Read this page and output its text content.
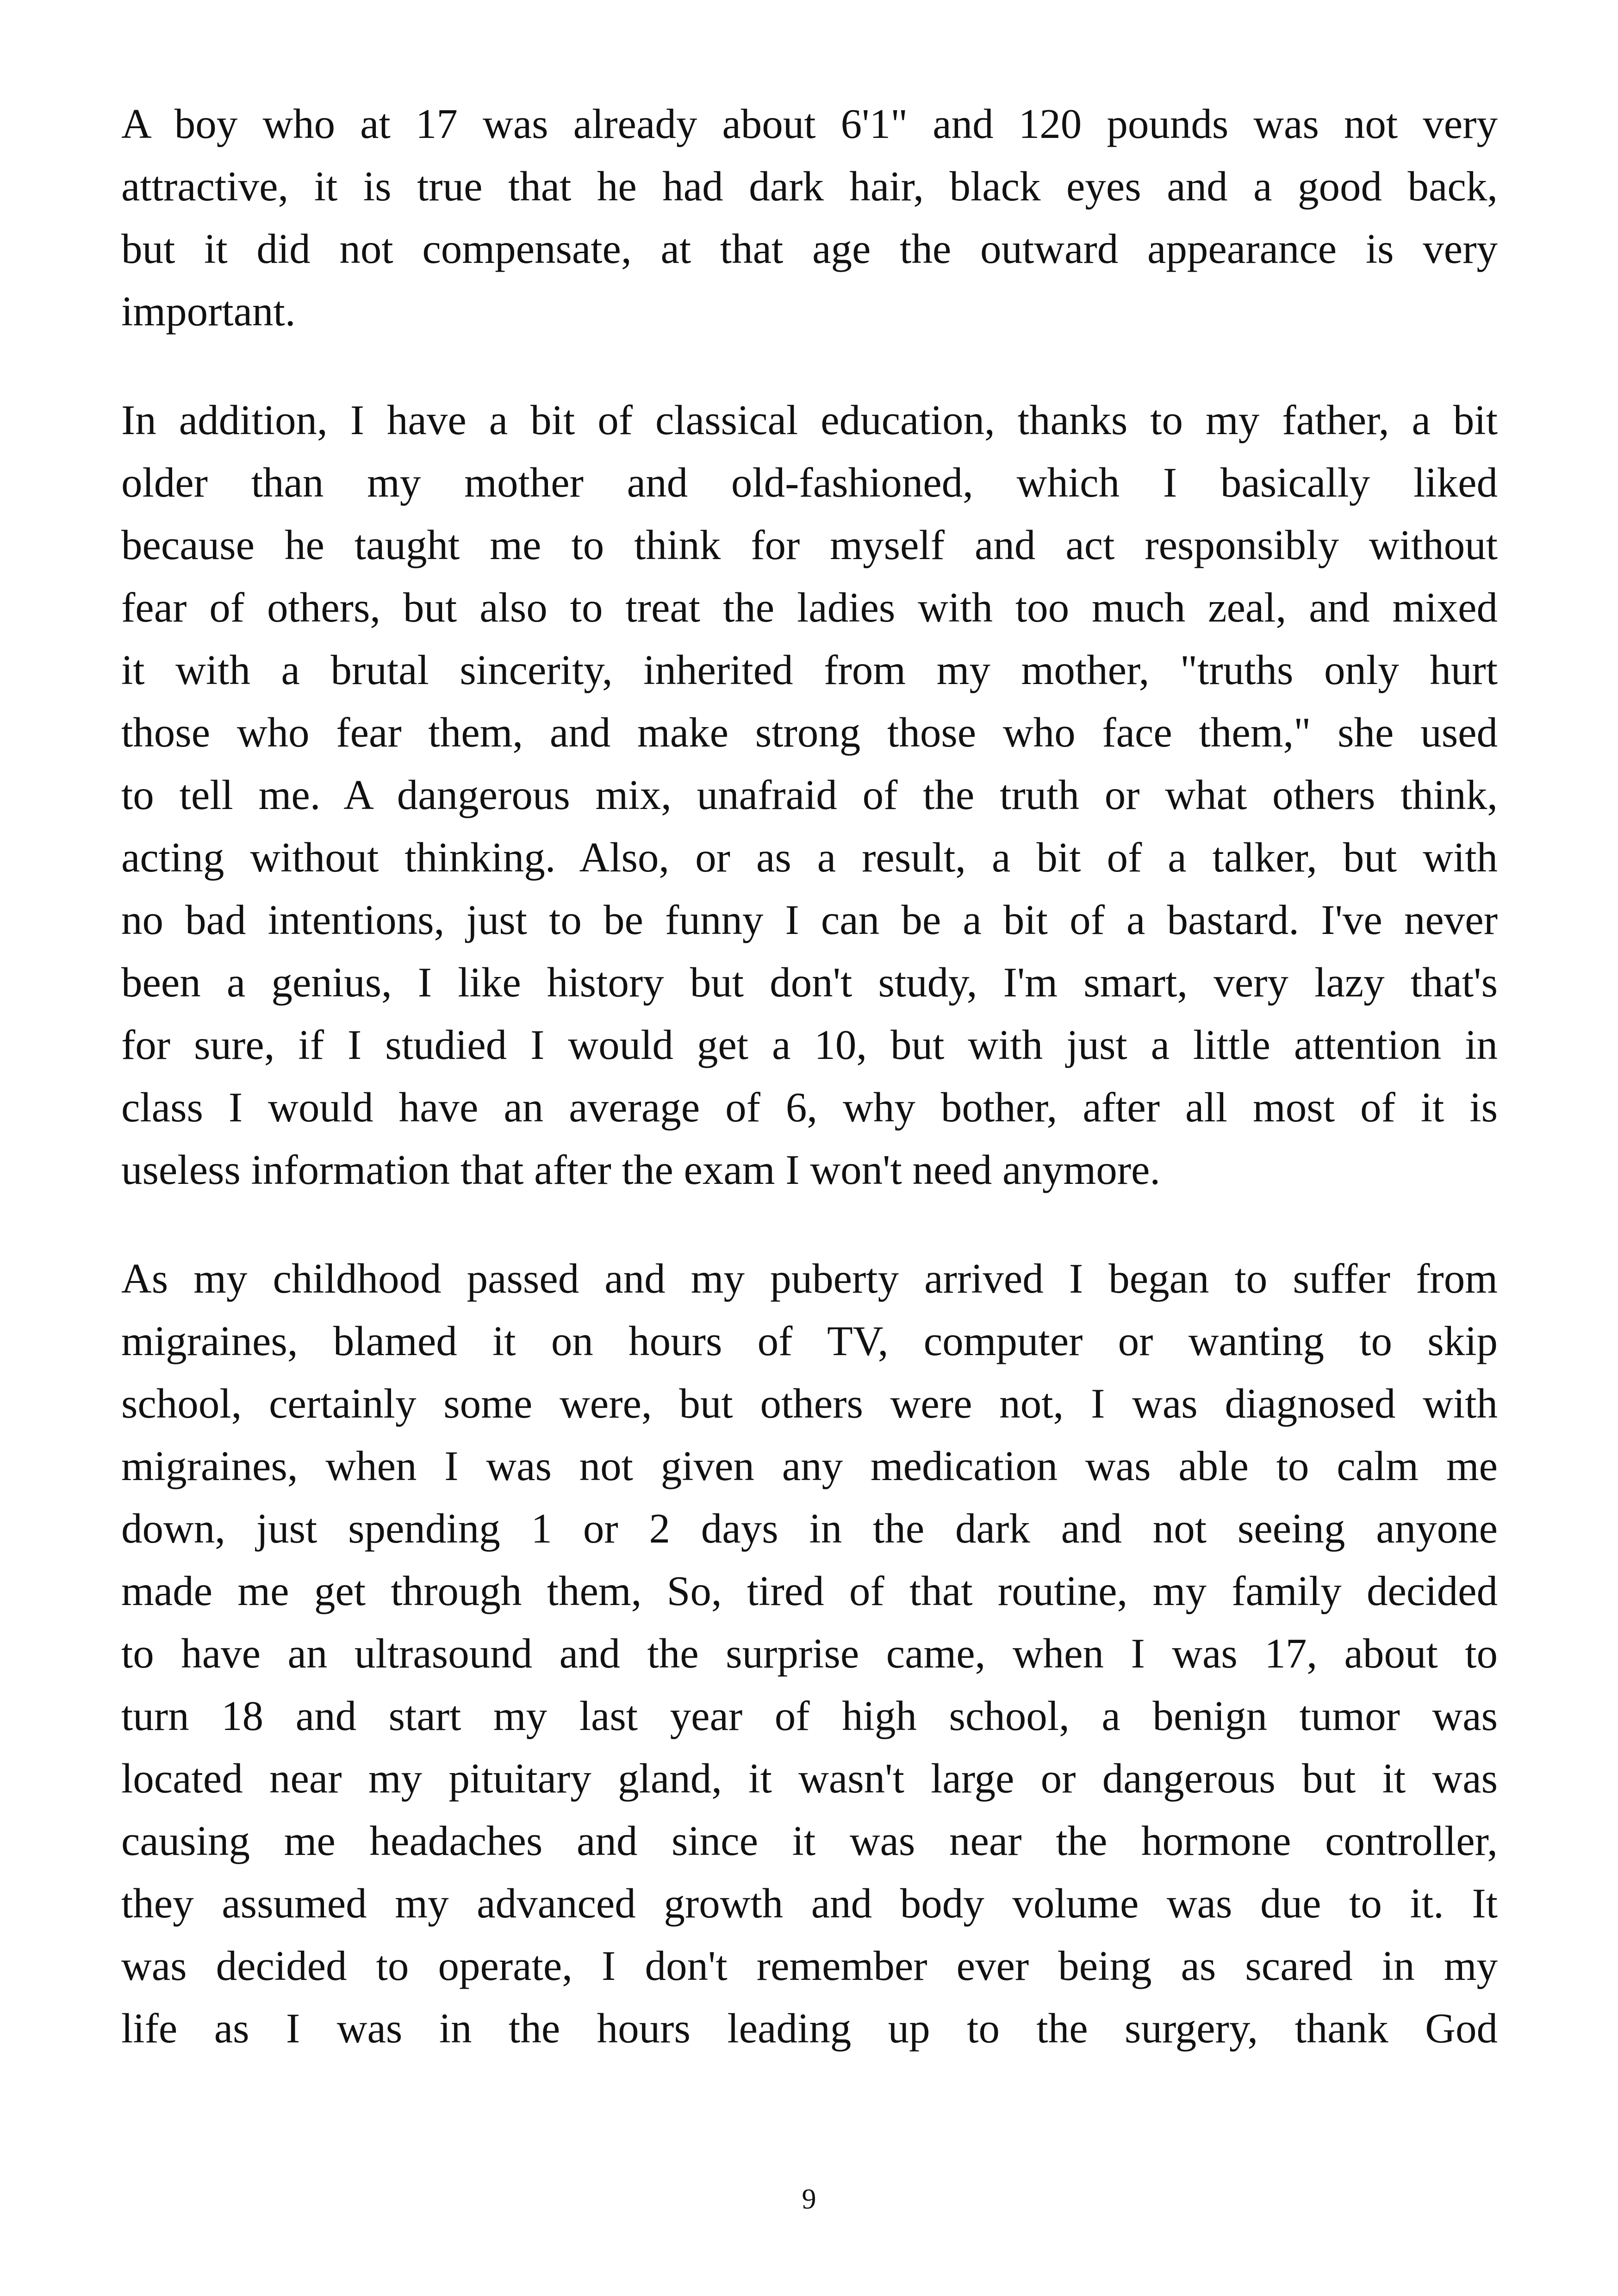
A boy who at 17 was already about 6'1" and 120 pounds was not very
attractive, it is true that he had dark hair, black eyes and a good back,
but it did not compensate, at that age the outward appearance is very
important.
In addition, I have a bit of classical education, thanks to my father, a bit
older than my mother and old-fashioned, which I basically liked
because he taught me to think for myself and act responsibly without
fear of others, but also to treat the ladies with too much zeal, and mixed
it with a brutal sincerity, inherited from my mother, "truths only hurt
those who fear them, and make strong those who face them," she used
to tell me. A dangerous mix, unafraid of the truth or what others think,
acting without thinking. Also, or as a result, a bit of a talker, but with
no bad intentions, just to be funny I can be a bit of a bastard. I've never
been a genius, I like history but don't study, I'm smart, very lazy that's
for sure, if I studied I would get a 10, but with just a little attention in
class I would have an average of 6, why bother, after all most of it is
useless information that after the exam I won't need anymore.
As my childhood passed and my puberty arrived I began to suffer from
migraines, blamed it on hours of TV, computer or wanting to skip
school, certainly some were, but others were not, I was diagnosed with
migraines, when I was not given any medication was able to calm me
down, just spending 1 or 2 days in the dark and not seeing anyone
made me get through them, So, tired of that routine, my family decided
to have an ultrasound and the surprise came, when I was 17, about to
turn 18 and start my last year of high school, a benign tumor was
located near my pituitary gland, it wasn't large or dangerous but it was
causing me headaches and since it was near the hormone controller,
they assumed my advanced growth and body volume was due to it. It
was decided to operate, I don't remember ever being as scared in my
life as I was in the hours leading up to the surgery, thank God
9
